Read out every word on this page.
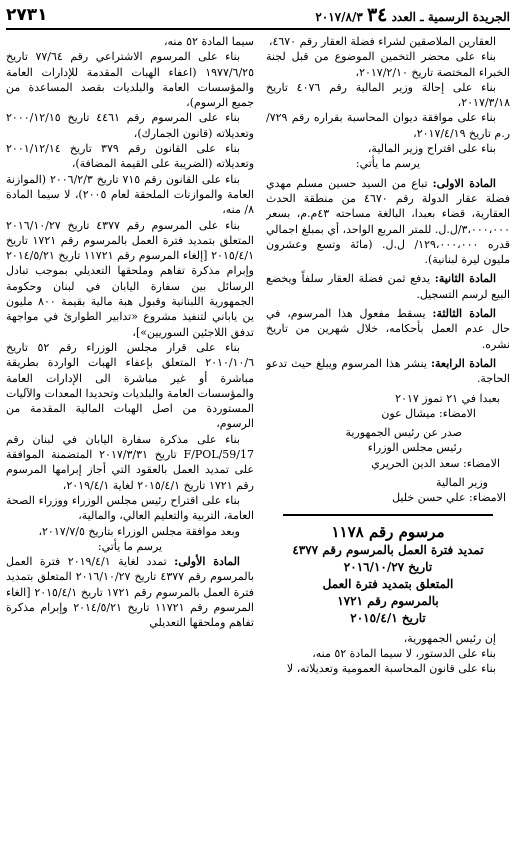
الجريدة الرسمية ـ العدد ٣٤ ٢٠١٧/٨/٣
٢٧٣١

العقارين الملاصقين لشراء فضلة العقار رقم ٤٦٧٠،

بناء على محضر التخمين الموضوع من قبل لجنة الخبراء المختصة تاريخ ٢٠١٧/٢/١٠،

بناء على إحالة وزير المالية رقم ٤٠٧٦ تاريخ ٢٠١٧/٣/١٨،

بناء على موافقة ديوان المحاسبة بقراره رقم ٧٢٩/ر.م تاريخ ٢٠١٧/٤/١٩،

بناء على اقتراح وزير المالية،

يرسم ما يأتي:

المادة الاولى: تباع من السيد حسين مسلم مهدي فضلة عقار الدولة رقم ٤٦٧٠ من منطقة الحدث العقارية، قضاء بعبدا، البالغة مساحته ٤٣م.م، بسعر ٣،٠٠٠،٠٠٠/ل.ل. للمتر المربع الواحد، أي بمبلغ اجمالي قدره ١٢٩،٠٠٠،٠٠٠/ ل.ل. (مائة وتسع وعشرون مليون ليرة لبنانية).

المادة الثانية: يدفع ثمن فضلة العقار سلفاً ويخضع البيع لرسم التسجيل.

المادة الثالثة: يسقط مفعول هذا المرسوم، في حال عدم العمل بأحكامه، خلال شهرين من تاريخ نشره.

المادة الرابعة: ينشر هذا المرسوم ويبلغ حيث تدعو الحاجة.

بعبدا في ٢١ تموز ٢٠١٧

الامضاء: ميشال عون

صدر عن رئيس الجمهورية

رئيس مجلس الوزراء

الامضاء: سعد الدين الحريري

وزير المالية

الامضاء: علي حسن خليل

مرسوم رقم ١١٧٨
تمديد فترة العمل بالمرسوم رقم ٤٣٧٧
تاريخ ٢٠١٦/١٠/٢٧
المتعلق بتمديد فترة العمل
بالمرسوم رقم ١٧٢١
تاريخ ٢٠١٥/٤/١

إن رئيس الجمهورية،

بناء على الدستور، لا سيما المادة ٥٢ منه،

بناء على قانون المحاسبة العمومية وتعديلاته، لا

سيما المادة ٥٢ منه،

بناء على المرسوم الاشتراعي رقم ٧٧/٦٤ تاريخ ١٩٧٧/٦/٢٥ (اعفاء الهبات المقدمة للإدارات العامة والمؤسسات العامة والبلديات بقصد المساعدة من جميع الرسوم)،

بناء على المرسوم رقم ٤٤٦١ تاريخ ٢٠٠٠/١٢/١٥ وتعديلاته (قانون الجمارك)،

بناء على القانون رقم ٣٧٩ تاريخ ٢٠٠١/١٢/١٤ وتعديلاته (الضريبة على القيمة المضافة)،

بناء على القانون رقم ٧١٥ تاريخ ٢٠٠٦/٢/٣ (الموازنة العامة والموازنات الملحقة لعام ٢٠٠٥)، لا سيما المادة ٨/ منه،

بناء على المرسوم رقم ٤٣٧٧ تاريخ ٢٠١٦/١٠/٢٧ المتعلق بتمديد فترة العمل بالمرسوم رقم ١٧٢١ تاريخ ٢٠١٥/٤/١ [إلغاء المرسوم رقم ١١٧٢١ تاريخ ٢٠١٤/٥/٢١ وإبرام مذكرة تفاهم وملحقها التعديلي بموجب تبادل الرسائل بين سفارة اليابان في لبنان وحكومة الجمهورية اللبنانية وقبول هبة مالية بقيمة ٨٠٠ مليون ين ياباني لتنفيذ مشروع «تدابير الطوارئ في مواجهة تدفق اللاجئين السوريين»]،

بناء على قرار مجلس الوزراء رقم ٥٢ تاريخ ٢٠١٠/١٠/٦ المتعلق بإعفاء الهبات الواردة بطريقة مباشرة أو غير مباشرة الى الإدارات العامة والمؤسسات العامة والبلديات وتحديدا المعدات والآليات المستوردة من اصل الهبات المالية المقدمة من الرسوم،

بناء على مذكرة سفارة اليابان في لبنان رقم F/POL/59/17 تاريخ ٢٠١٧/٣/٣١ المتضمنة الموافقة على تمديد العمل بالعقود التي أجاز إبرامها المرسوم رقم ١٧٢١ تاريخ ٢٠١٥/٤/١ لغاية ٢٠١٩/٤/١،

بناء على اقتراح رئيس مجلس الوزراء ووزراء الصحة العامة، التربية والتعليم العالي، والمالية،

وبعد موافقة مجلس الوزراء بتاريخ ٢٠١٧/٧/٥،

يرسم ما يأتي:

المادة الأولى: تمدد لغاية ٢٠١٩/٤/١ فترة العمل بالمرسوم رقم ٤٣٧٧ تاريخ ٢٠١٦/١٠/٢٧ المتعلق بتمديد فترة العمل بالمرسوم رقم ١٧٢١ تاريخ ٢٠١٥/٤/١ [الغاء المرسوم رقم ١١٧٢١ تاريخ ٢٠١٤/٥/٢١ وإبرام مذكرة تفاهم وملحقها التعديلي
